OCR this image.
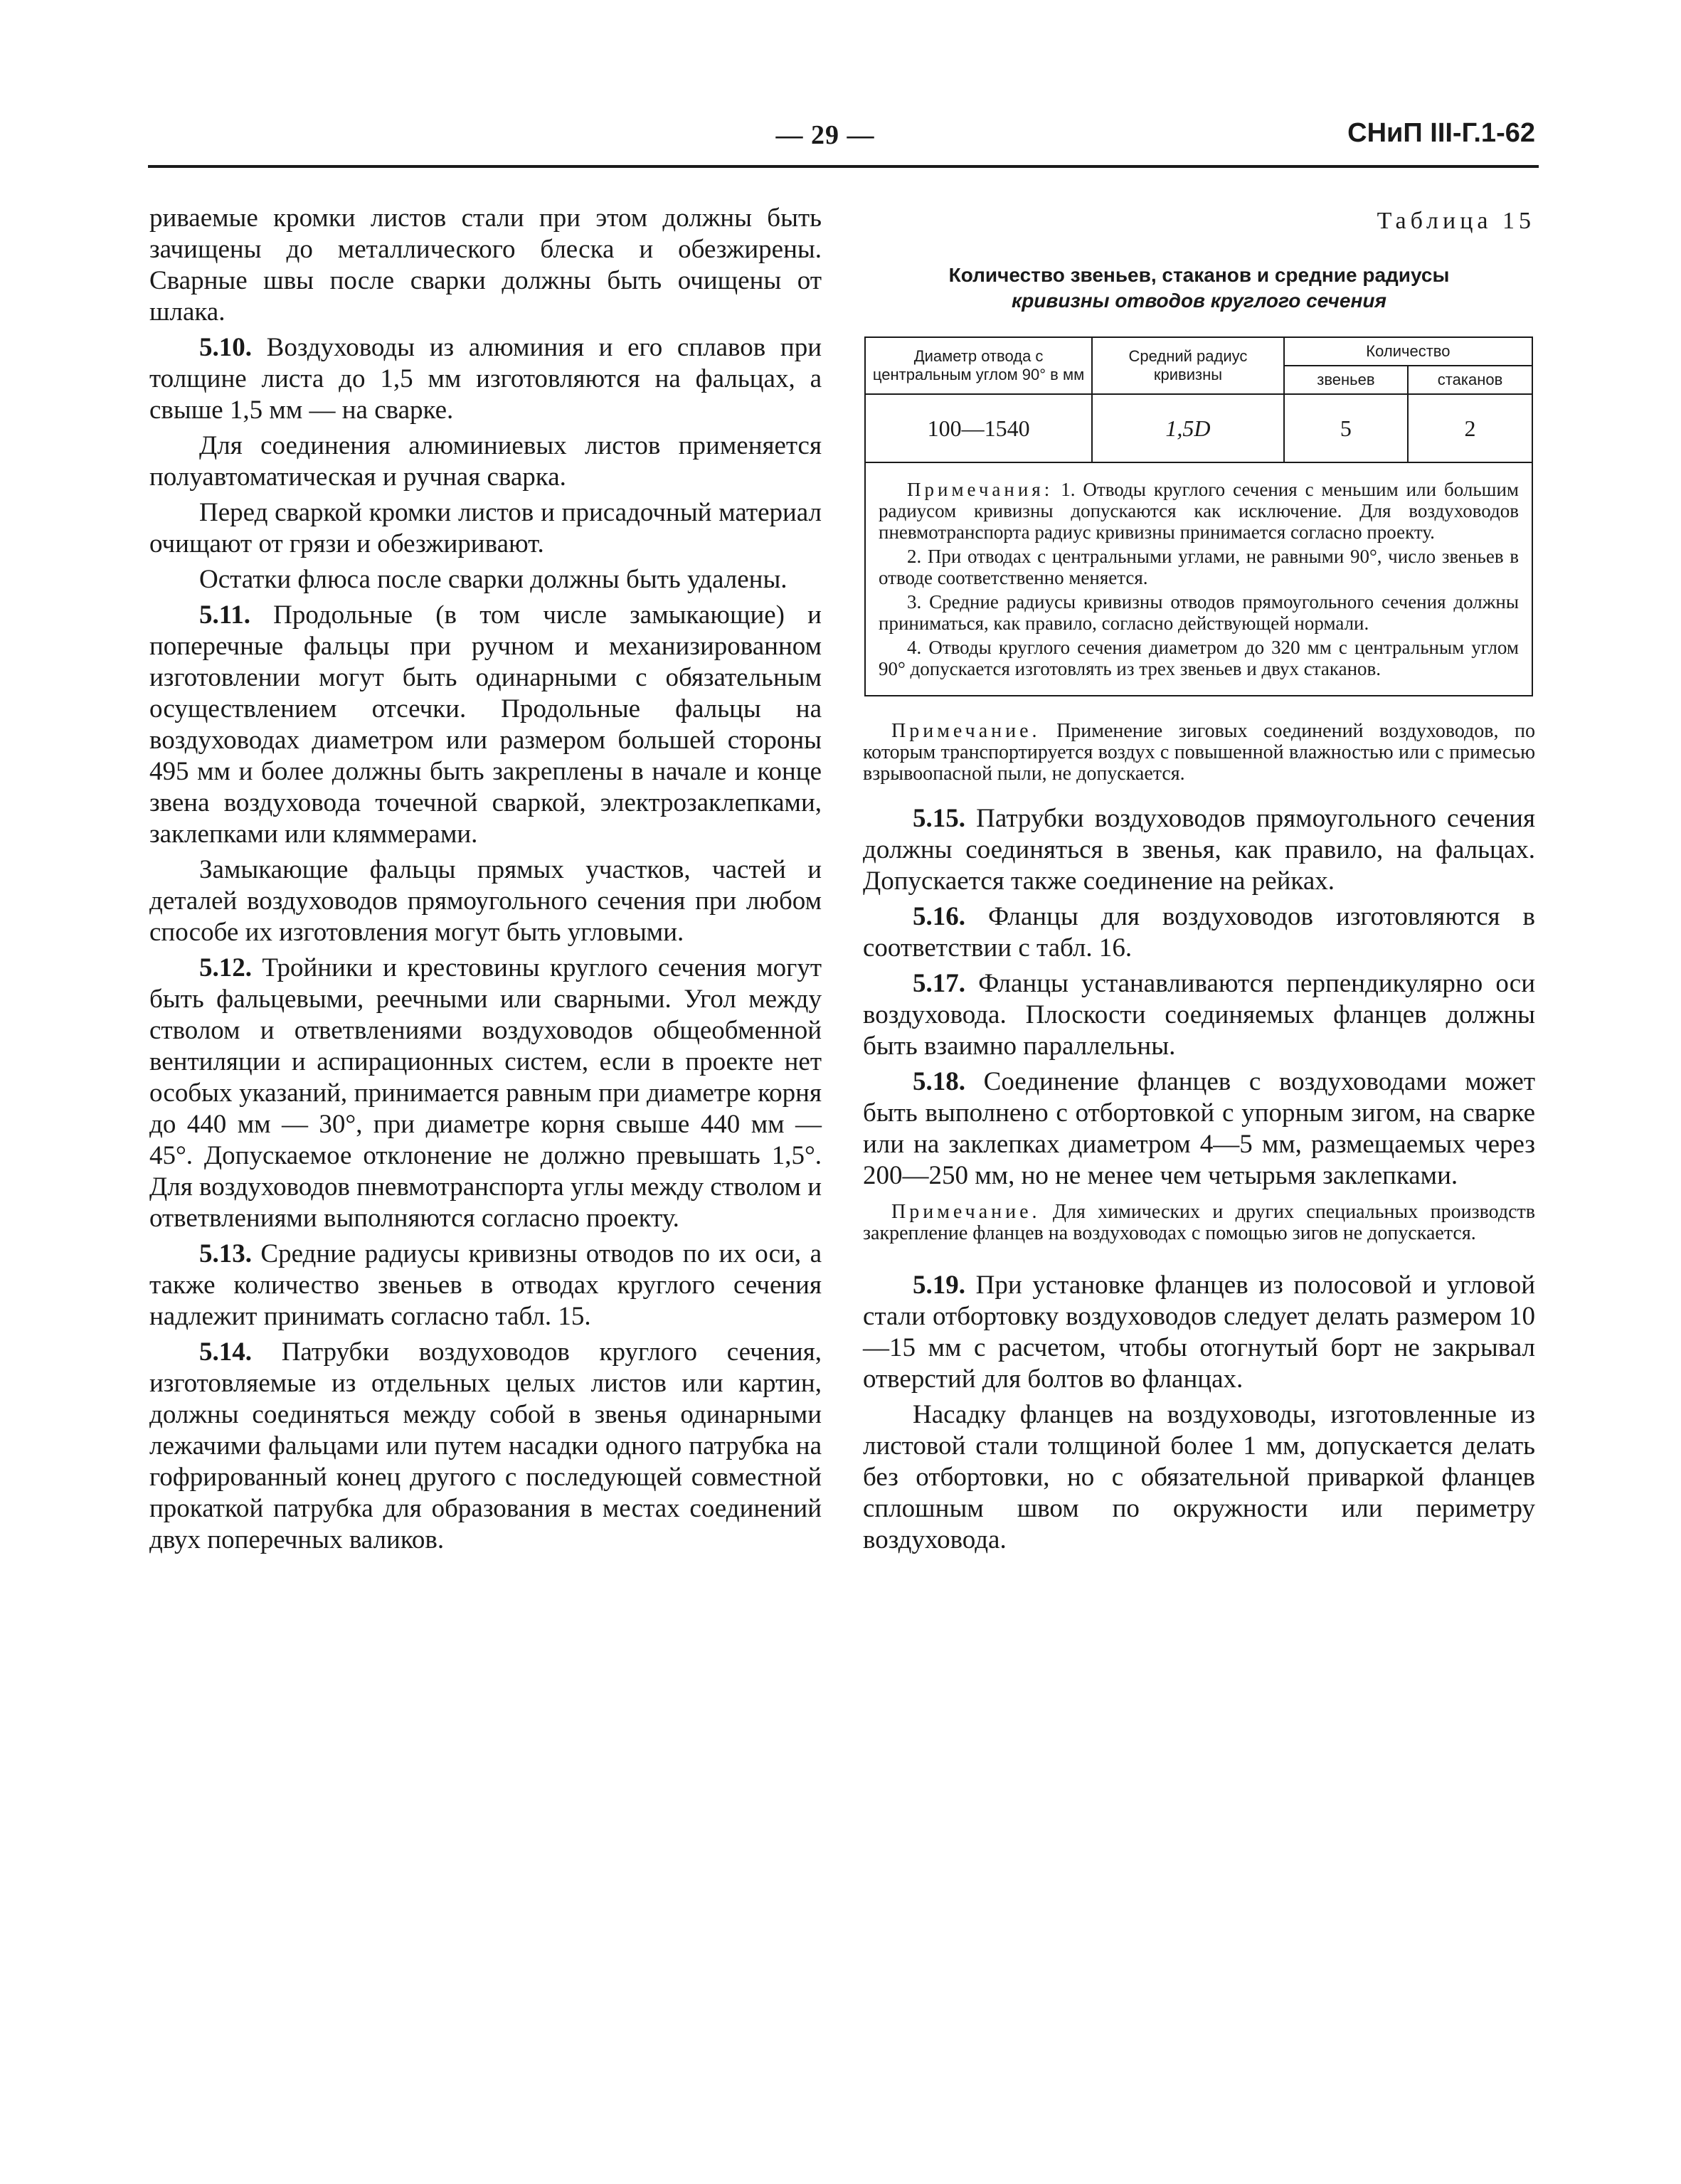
— 29 —	СНиП III-Г.1-62

риваемые кромки листов стали при этом должны быть зачищены до металлического блеска и обезжирены. Сварные швы после сварки должны быть очищены от шлака.

5.10. Воздуховоды из алюминия и его сплавов при толщине листа до 1,5 мм изготовляются на фальцах, а свыше 1,5 мм — на сварке.

Для соединения алюминиевых листов применяется полуавтоматическая и ручная сварка.

Перед сваркой кромки листов и присадочный материал очищают от грязи и обезжиривают.

Остатки флюса после сварки должны быть удалены.

5.11. Продольные (в том числе замыкающие) и поперечные фальцы при ручном и механизированном изготовлении могут быть одинарными с обязательным осуществлением отсечки. Продольные фальцы на воздуховодах диаметром или размером большей стороны 495 мм и более должны быть закреплены в начале и конце звена воздуховода точечной сваркой, электрозаклепками, заклепками или кляммерами.

Замыкающие фальцы прямых участков, частей и деталей воздуховодов прямоугольного сечения при любом способе их изготовления могут быть угловыми.

5.12. Тройники и крестовины круглого сечения могут быть фальцевыми, реечными или сварными. Угол между стволом и ответвлениями воздуховодов общеобменной вентиляции и аспирационных систем, если в проекте нет особых указаний, принимается равным при диаметре корня до 440 мм — 30°, при диаметре корня свыше 440 мм — 45°. Допускаемое отклонение не должно превышать 1,5°. Для воздуховодов пневмотранспорта углы между стволом и ответвлениями выполняются согласно проекту.

5.13. Средние радиусы кривизны отводов по их оси, а также количество звеньев в отводах круглого сечения надлежит принимать согласно табл. 15.

5.14. Патрубки воздуховодов круглого сечения, изготовляемые из отдельных целых листов или картин, должны соединяться между собой в звенья одинарными лежачими фальцами или путем насадки одного патрубка на гофрированный конец другого с последующей совместной прокаткой патрубка для образования в местах соединений двух поперечных валиков.

Таблица 15
Количество звеньев, стаканов и средние радиусы
кривизны отводов круглого сечения
Диаметр отвода с центральным углом 90° в мм	Средний радиус кривизны	Количество	
		звеньев	стаканов
100—1540	1,5D	5	2

Примечания: 1. Отводы круглого сечения с меньшим или большим радиусом кривизны допускаются как исключение. Для воздуховодов пневмотранспорта радиус кривизны принимается согласно проекту.

2. При отводах с центральными углами, не равными 90°, число звеньев в отводе соответственно меняется.

3. Средние радиусы кривизны отводов прямоугольного сечения должны приниматься, как правило, согласно действующей нормали.

4. Отводы круглого сечения диаметром до 320 мм с центральным углом 90° допускается изготовлять из трех звеньев и двух стаканов.			

Примечание. Применение зиговых соединений воздуховодов, по которым транспортируется воздух с повышенной влажностью или с примесью взрывоопасной пыли, не допускается.

5.15. Патрубки воздуховодов прямоугольного сечения должны соединяться в звенья, как правило, на фальцах. Допускается также соединение на рейках.

5.16. Фланцы для воздуховодов изготовляются в соответствии с табл. 16.

5.17. Фланцы устанавливаются перпендикулярно оси воздуховода. Плоскости соединяемых фланцев должны быть взаимно параллельны.

5.18. Соединение фланцев с воздуховодами может быть выполнено с отбортовкой с упорным зигом, на сварке или на заклепках диаметром 4—5 мм, размещаемых через 200—250 мм, но не менее чем четырьмя заклепками.

Примечание. Для химических и других специальных производств закрепление фланцев на воздуховодах с помощью зигов не допускается.

5.19. При установке фланцев из полосовой и угловой стали отбортовку воздуховодов следует делать размером 10—15 мм с расчетом, чтобы отогнутый борт не закрывал отверстий для болтов во фланцах.

Насадку фланцев на воздуховоды, изготовленные из листовой стали толщиной более 1 мм, допускается делать без отбортовки, но с обязательной приваркой фланцев сплошным швом по окружности или периметру воздуховода.
